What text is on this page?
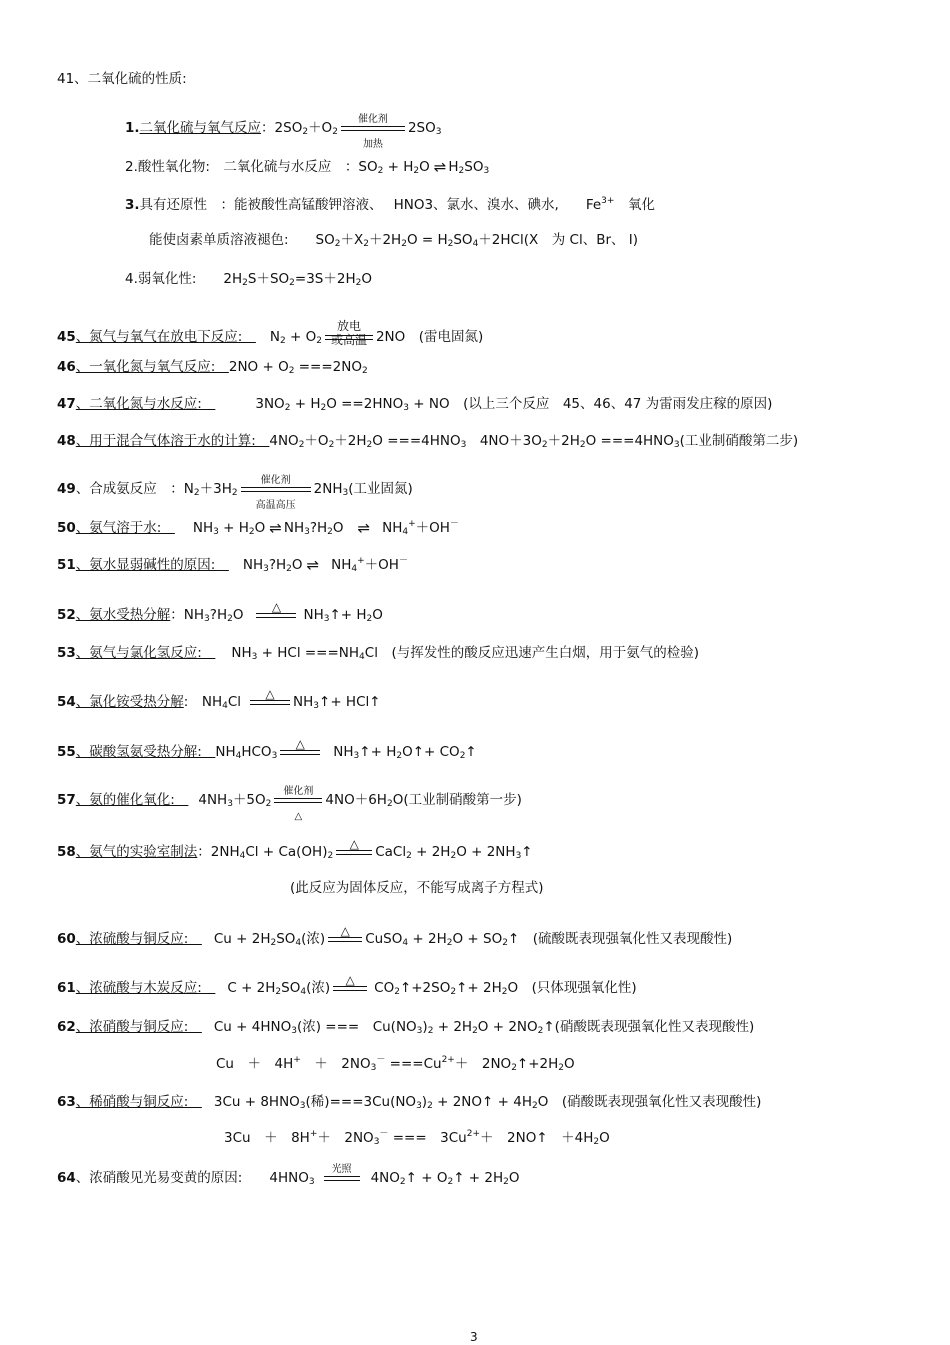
41、二氧化硫的性质:
1.二氧化硫与氧气反应：$2SO_2+O_2$
催化剂
加热
$2SO_3$
2.酸性氧化物:　二氧化硫与水反应　：$SO_2 + H_2O$ ⇌ $H_2SO_3$
3.具有还原性　：能被酸性高锰酸钾溶液、　 HNO3、氯水、溴水、碘水,　　$Fe^{3+}$　氧化
能使卤素单质溶液褪色:　　$SO_2+X_2+2H_2O = H_2SO_4+2HCl(X$　为 Cl、Br、 I)
4.弱氧化性:　　$2H_2S+SO_2=3S+2H_2O$
45、氮气与氧气在放电下反应:　$N_2 + O_2$
放电
或高温 2NO　(雷电固氮)
46、一氧化氮与氧气反应:　$2NO + O_2 ===2NO_2$
47、二氧化氮与水反应:　	$3NO_2 + H_2O ==2HNO_3$ + NO　(以上三个反应　45、46、47 为雷雨发庄稼的原因)
48、用于混合气体溶于水的计算:　$4NO_2+O_2+2H_2O ===4HNO_3$　$4NO+3O_2+2H_2O ===4HNO_3$(工业制硝酸第二步)
49、合成氨反应　：$N_2+3H_2$
催化剂
高温高压
$2NH_3$(工业固氮)
50、氨气溶于水:　$NH_3 + H_2O$ ⇌ $NH_3?H_2O$ ⇌ $NH_4^++OH^-$
51、氨水显弱碱性的原因:　$NH_3?H_2O$ ⇌ $NH_4^++OH^-$
52、氨水受热分解：$NH_3?H_2O$
△
$NH_3↑+ H_2O$
53、氨气与氯化氢反应:　$NH_3$ + HCl $===NH_4Cl$　(与挥发性的酸反应迅速产生白烟，用于氨气的检验)
54、氯化铵受热分解:　$NH_4Cl$
△
$NH_3↑+$ HCl↑
55、碳酸氢氨受热分解:　$NH_4HCO_3$
△
$NH_3↑+$ $H_2O↑+$ $CO_2↑$
57、氨的催化氧化:　$4NH_3+5O_2$
催化剂
△
$4NO+6H_2O$(工业制硝酸第一步)
58、氨气的实验室制法：$2NH_4Cl + Ca(OH)_2$
△
CaCl$_2$ + $2H_2O$ + $2NH_3↑$
(此反应为固体反应，不能写成离子方程式)
60、浓硫酸与铜反应:　$Cu + 2H_2SO_4$(浓)
△
CuSO$_4$ + $2H_2O$ + $SO_2↑$　(硫酸既表现强氧化性又表现酸性)
61、浓硫酸与木炭反应:　$C + 2H_2SO_4$(浓)
△
$CO_2↑+2SO_2↑+ 2H_2O$　(只体现强氧化性)
62、浓硝酸与铜反应:　$Cu + 4HNO_3$(浓) ===　$Cu(NO_3)_2 + 2H_2O$ + $2NO_2↑$(硝酸既表现强氧化性又表现酸性)
Cu　＋　4H+　＋　$2NO_3^- ===Cu^{2+}+$　$2NO_2↑+2H_2O$
63、稀硝酸与铜反应:　$3Cu + 8HNO_3$(稀)$===3Cu(NO_3)_2$ + 2NO↑ + $4H_2O$　(硝酸既表现强氧化性又表现酸性)
3Cu　＋　8H+＋　$2NO_3^-$ ===　$3Cu^{2+}+$　2NO↑　$+4H_2O$
64、浓硝酸见光易变黄的原因:　　$4HNO_3$
光照
$4NO_2↑$ + $O_2↑ + 2H_2O$
3
